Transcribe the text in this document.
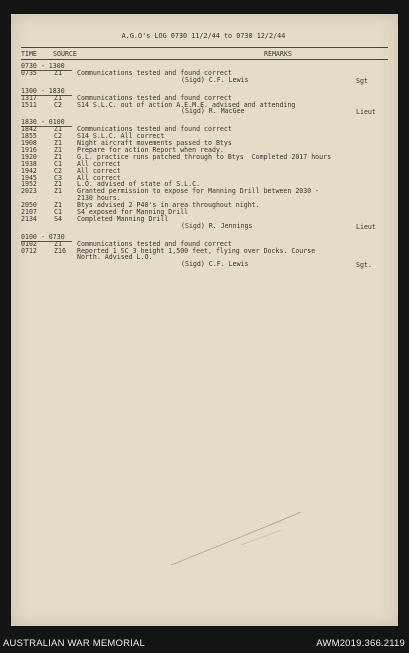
A.G.O's LOG 0730 11/2/44 to 0730 12/2/44
TIME SOURCE	REMARKS
0730 - 1300
0735	Z1 Communications tested and found correct
(Sigd) C.F. Lewis	Sgt
1300 - 1830
1317	Z1 Communications tested and found correct
1511	C2 S14 S.L.C. out of action A.E.M.E. advised and attending
(Sigd) R. MacGee	Lieut
1830 - 0100
1842	Z1 Communications tested and found correct
1855	C2 S14 S.L.C. All correct
1908	Z1 Night aircraft movements passed to Btys
1916	Z1 Prepare for action Report when ready.
1920	Z1 G.L. practice runs patched through to Btys  Completed 2017 hours
1938	C1 All correct
1942	C2 All correct
1945	C3 All correct
1952	Z1 L.O. advised of state of S.L.C.
2023	Z1 Granted permission to expose for Manning Drill between 2030 -
2130 hours.
2050	Z1 Btys advised 2 P40's in area throughout night.
2107	C1 S4 exposed for Manning Drill
2134	S4 Completed Manning Drill
(Sigd) R. Jennings	Lieut
0100 - 0730
0102	Z1 Communications tested and found correct
0712	Z16 Reported 1 SC 3 height 1,500 feet, flying over Docks. Course
North. Advised L.O.
(Sigd) C.F. Lewis	Sgt.
AUSTRALIAN WAR MEMORIAL	AWM2019.366.2119
